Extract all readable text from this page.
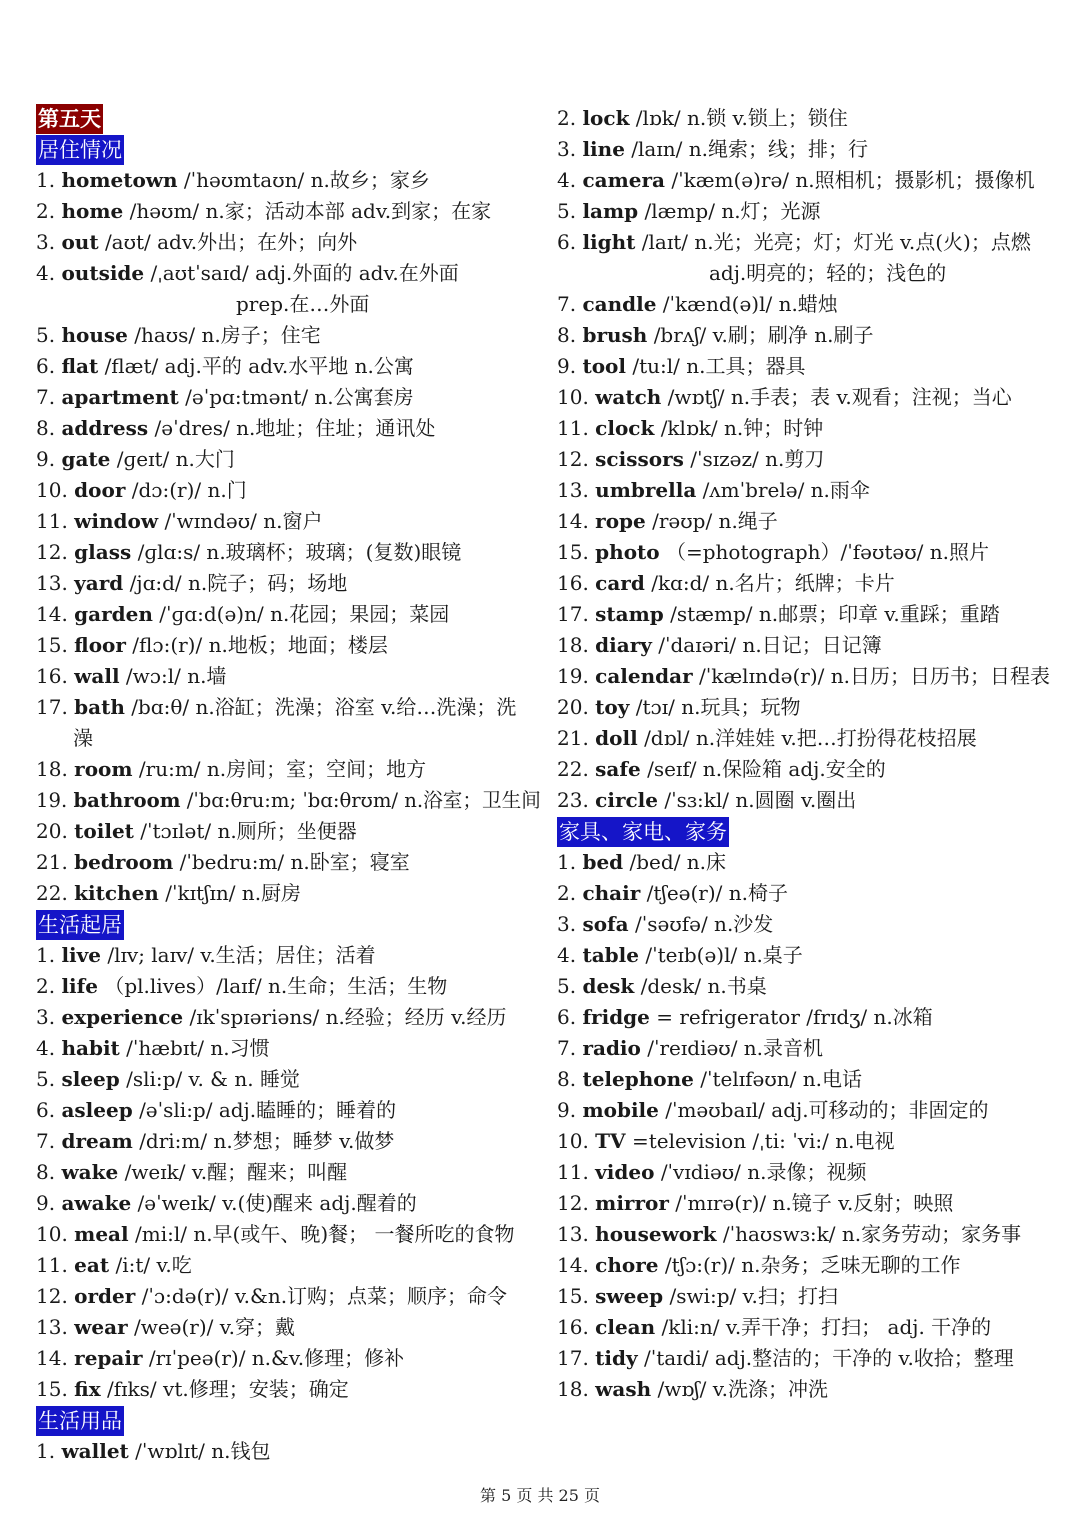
第五天
居住情况
1. hometown /ˈhəʊmtaʊn/ n.故乡；家乡
2. home /həʊm/ n.家；活动本部 adv.到家；在家
3. out /aʊt/ adv.外出；在外；向外
4. outside /ˌaʊtˈsaɪd/ adj.外面的 adv.在外面
prep.在…外面
5. house /haʊs/ n.房子；住宅
6. flat /flæt/ adj.平的 adv.水平地 n.公寓
7. apartment /əˈpɑ:tmənt/ n.公寓套房
8. address /əˈdres/ n.地址；住址；通讯处
9. gate /ɡeɪt/ n.大门
10. door /dɔ:(r)/ n.门
11. window /ˈwɪndəʊ/ n.窗户
12. glass /ɡlɑ:s/ n.玻璃杯；玻璃；(复数)眼镜
13. yard /jɑ:d/ n.院子；码；场地
14. garden /ˈɡɑ:d(ə)n/ n.花园；果园；菜园
15. floor /flɔ:(r)/ n.地板；地面；楼层
16. wall /wɔ:l/ n.墙
17. bath /bɑ:θ/ n.浴缸；洗澡；浴室 v.给…洗澡；洗
澡
18. room /ru:m/ n.房间；室；空间；地方
19. bathroom /ˈbɑ:θru:m; ˈbɑ:θrʊm/ n.浴室；卫生间
20. toilet /ˈtɔɪlət/ n.厕所；坐便器
21. bedroom /ˈbedru:m/ n.卧室；寝室
22. kitchen /ˈkɪtʃɪn/ n.厨房
生活起居
1. live /lɪv; laɪv/ v.生活；居住；活着
2. life （pl.lives）/laɪf/ n.生命；生活；生物
3. experience /ɪkˈspɪəriəns/ n.经验；经历 v.经历
4. habit /ˈhæbɪt/ n.习惯
5. sleep /sli:p/ v. & n. 睡觉
6. asleep /əˈsli:p/ adj.瞌睡的；睡着的
7. dream /dri:m/ n.梦想；睡梦 v.做梦
8. wake /weɪk/ v.醒；醒来；叫醒
9. awake /əˈweɪk/ v.(使)醒来 adj.醒着的
10. meal /mi:l/ n.早(或午、晚)餐； 一餐所吃的食物
11. eat /i:t/ v.吃
12. order /ˈɔ:də(r)/ v.&n.订购；点菜；顺序；命令
13. wear /weə(r)/ v.穿；戴
14. repair /rɪˈpeə(r)/ n.&v.修理；修补
15. fix /fɪks/ vt.修理；安装；确定
生活用品
1. wallet /ˈwɒlɪt/ n.钱包
2. lock /lɒk/ n.锁 v.锁上；锁住
3. line /laɪn/ n.绳索；线；排；行
4. camera /ˈkæm(ə)rə/ n.照相机；摄影机；摄像机
5. lamp /læmp/ n.灯；光源
6. light /laɪt/ n.光；光亮；灯；灯光 v.点(火)；点燃
adj.明亮的；轻的；浅色的
7. candle /ˈkænd(ə)l/ n.蜡烛
8. brush /brʌʃ/ v.刷；刷净 n.刷子
9. tool /tu:l/ n.工具；器具
10. watch /wɒtʃ/ n.手表；表 v.观看；注视；当心
11. clock /klɒk/ n.钟；时钟
12. scissors /ˈsɪzəz/ n.剪刀
13. umbrella /ʌmˈbrelə/ n.雨伞
14. rope /rəʊp/ n.绳子
15. photo （=photograph）/ˈfəʊtəʊ/ n.照片
16. card /kɑ:d/ n.名片；纸牌；卡片
17. stamp /stæmp/ n.邮票；印章 v.重踩；重踏
18. diary /ˈdaɪəri/ n.日记；日记簿
19. calendar /ˈkælɪndə(r)/ n.日历；日历书；日程表
20. toy /tɔɪ/ n.玩具；玩物
21. doll /dɒl/ n.洋娃娃 v.把…打扮得花枝招展
22. safe /seɪf/ n.保险箱 adj.安全的
23. circle /ˈsɜ:kl/ n.圆圈 v.圈出
家具、家电、家务
1. bed /bed/ n.床
2. chair /tʃeə(r)/ n.椅子
3. sofa /ˈsəʊfə/ n.沙发
4. table /ˈteɪb(ə)l/ n.桌子
5. desk /desk/ n.书桌
6. fridge = refrigerator /frɪdʒ/ n.冰箱
7. radio /ˈreɪdiəʊ/ n.录音机
8. telephone /ˈtelɪfəʊn/ n.电话
9. mobile /ˈməʊbaɪl/ adj.可移动的；非固定的
10. TV =television /ˌti: ˈvi:/ n.电视
11. video /ˈvɪdiəʊ/ n.录像；视频
12. mirror /ˈmɪrə(r)/ n.镜子 v.反射；映照
13. housework /ˈhaʊswɜ:k/ n.家务劳动；家务事
14. chore /tʃɔ:(r)/ n.杂务；乏味无聊的工作
15. sweep /swi:p/ v.扫；打扫
16. clean /kli:n/ v.弄干净；打扫； adj. 干净的
17. tidy /ˈtaɪdi/ adj.整洁的；干净的 v.收拾；整理
18. wash /wɒʃ/ v.洗涤；冲洗
第 5 页 共 25 页
